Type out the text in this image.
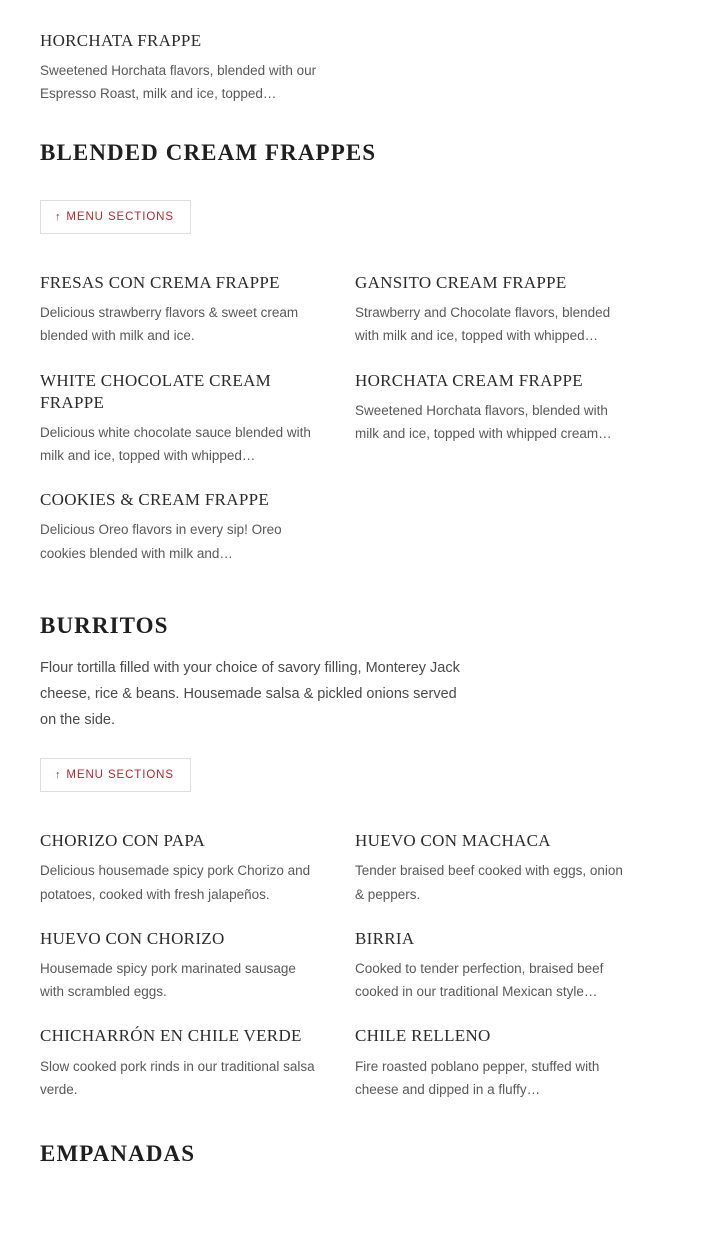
HORCHATA FRAPPE

Sweetened Horchata flavors, blended with our Espresso Roast, milk and ice, topped…

BLENDED CREAM FRAPPES
↑ MENU SECTIONS
FRESAS CON CREMA FRAPPE

Delicious strawberry flavors & sweet cream blended with milk and ice.

GANSITO CREAM FRAPPE

Strawberry and Chocolate flavors, blended with milk and ice, topped with whipped…

WHITE CHOCOLATE CREAM FRAPPE

Delicious white chocolate sauce blended with milk and ice, topped with whipped…

HORCHATA CREAM FRAPPE

Sweetened Horchata flavors, blended with milk and ice, topped with whipped cream…

COOKIES & CREAM FRAPPE

Delicious Oreo flavors in every sip! Oreo cookies blended with milk and…

BURRITOS

Flour tortilla filled with your choice of savory filling, Monterey Jack cheese, rice & beans. Housemade salsa & pickled onions served on the side.

↑ MENU SECTIONS
CHORIZO CON PAPA

Delicious housemade spicy pork Chorizo and potatoes, cooked with fresh jalapeños.

HUEVO CON MACHACA

Tender braised beef cooked with eggs, onion & peppers.

HUEVO CON CHORIZO

Housemade spicy pork marinated sausage with scrambled eggs.

BIRRIA

Cooked to tender perfection, braised beef cooked in our traditional Mexican style…

CHICHARRÓN EN CHILE VERDE

Slow cooked pork rinds in our traditional salsa verde.

CHILE RELLENO

Fire roasted poblano pepper, stuffed with cheese and dipped in a fluffy…

EMPANADAS
